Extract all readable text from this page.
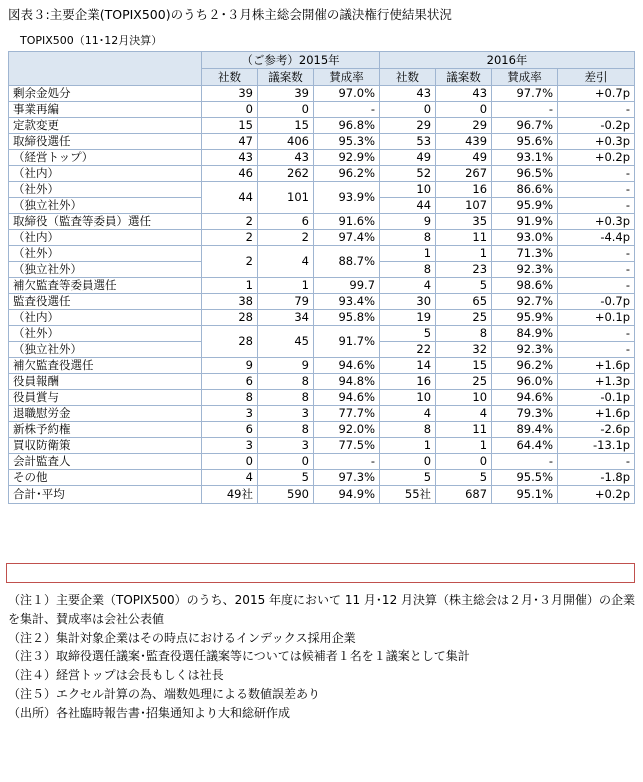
図表３:主要企業(TOPIX500)のうち２･３月株主総会開催の議決権行使結果状況
TOPIX500（11･12月決算）
	（ご参考）2015年			2016年			
	社数	議案数	賛成率	社数	議案数	賛成率	差引
剰余金処分	39	39	97.0%	43	43	97.7%	+0.7p
事業再編	0	0	-	0	0	-	-
定款変更	15	15	96.8%	29	29	96.7%	-0.2p
取締役選任	47	406	95.3%	53	439	95.6%	+0.3p
（経営トップ）	43	43	92.9%	49	49	93.1%	+0.2p
（社内）	46	262	96.2%	52	267	96.5%	-
（社外）	44	101	93.9%	10	16	86.6%	-
（独立社外）				44	107	95.9%	-
取締役（監査等委員）選任	2	6	91.6%	9	35	91.9%	+0.3p
（社内）	2	2	97.4%	8	11	93.0%	-4.4p
（社外）	2	4	88.7%	1	1	71.3%	-
（独立社外）				8	23	92.3%	-
補欠監査等委員選任	1	1	99.7	4	5	98.6%	-
監査役選任	38	79	93.4%	30	65	92.7%	-0.7p
（社内）	28	34	95.8%	19	25	95.9%	+0.1p
（社外）	28	45	91.7%	5	8	84.9%	-
（独立社外）				22	32	92.3%	-
補欠監査役選任	9	9	94.6%	14	15	96.2%	+1.6p
役員報酬	6	8	94.8%	16	25	96.0%	+1.3p
役員賞与	8	8	94.6%	10	10	94.6%	-0.1p
退職慰労金	3	3	77.7%	4	4	79.3%	+1.6p
新株予約権	6	8	92.0%	8	11	89.4%	-2.6p
買収防衛策	3	3	77.5%	1	1	64.4%	-13.1p
会計監査人	0	0	-	0	0	-	-
その他	4	5	97.3%	5	5	95.5%	-1.8p
合計･平均	49社	590	94.9%	55社	687	95.1%	+0.2p

（注１）主要企業（TOPIX500）のうち、2015 年度において 11 月･12 月決算（株主総会は２月･３月開催）の企業を集計、賛成率は会社公表値

（注２）集計対象企業はその時点におけるインデックス採用企業

（注３）取締役選任議案･監査役選任議案等については候補者１名を１議案として集計

（注４）経営トップは会長もしくは社長

（注５）エクセル計算の為、端数処理による数値誤差あり

（出所）各社臨時報告書･招集通知より大和総研作成
